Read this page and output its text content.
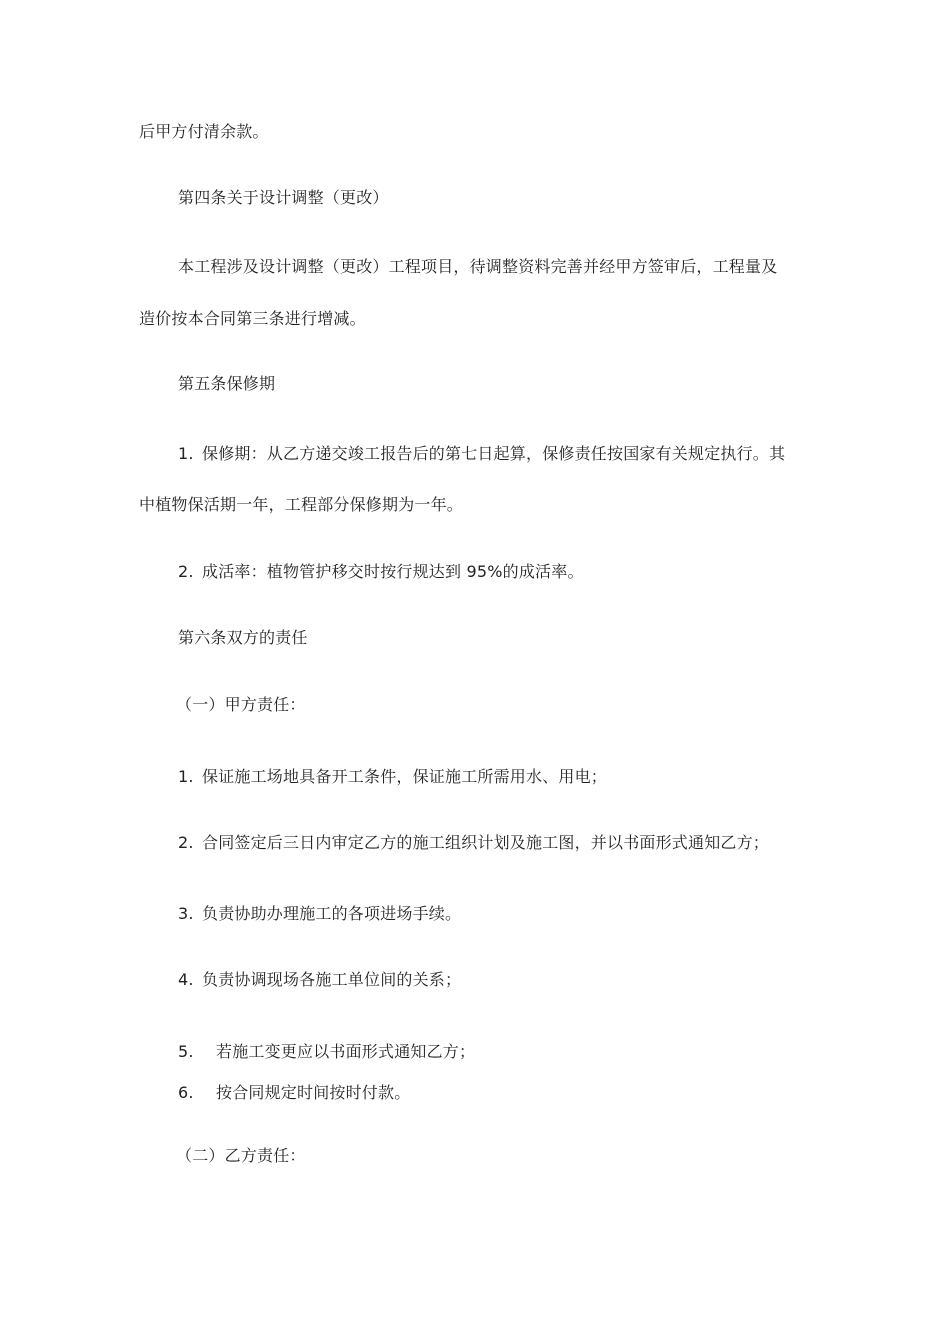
后甲方付清余款。
第四条关于设计调整（更改）
本工程涉及设计调整（更改）工程项目，待调整资料完善并经甲方签审后，工程量及
造价按本合同第三条进行增减。
第五条保修期
1. 保修期：从乙方递交竣工报告后的第七日起算，保修责任按国家有关规定执行。其
中植物保活期一年，工程部分保修期为一年。
2. 成活率：植物管护移交时按行规达到 95%的成活率。
第六条双方的责任
（一）甲方责任：
1. 保证施工场地具备开工条件，保证施工所需用水、用电；
2. 合同签定后三日内审定乙方的施工组织计划及施工图，并以书面形式通知乙方；
3. 负责协助办理施工的各项进场手续。
4. 负责协调现场各施工单位间的关系；
5. 若施工变更应以书面形式通知乙方；
6. 按合同规定时间按时付款。
（二）乙方责任：
